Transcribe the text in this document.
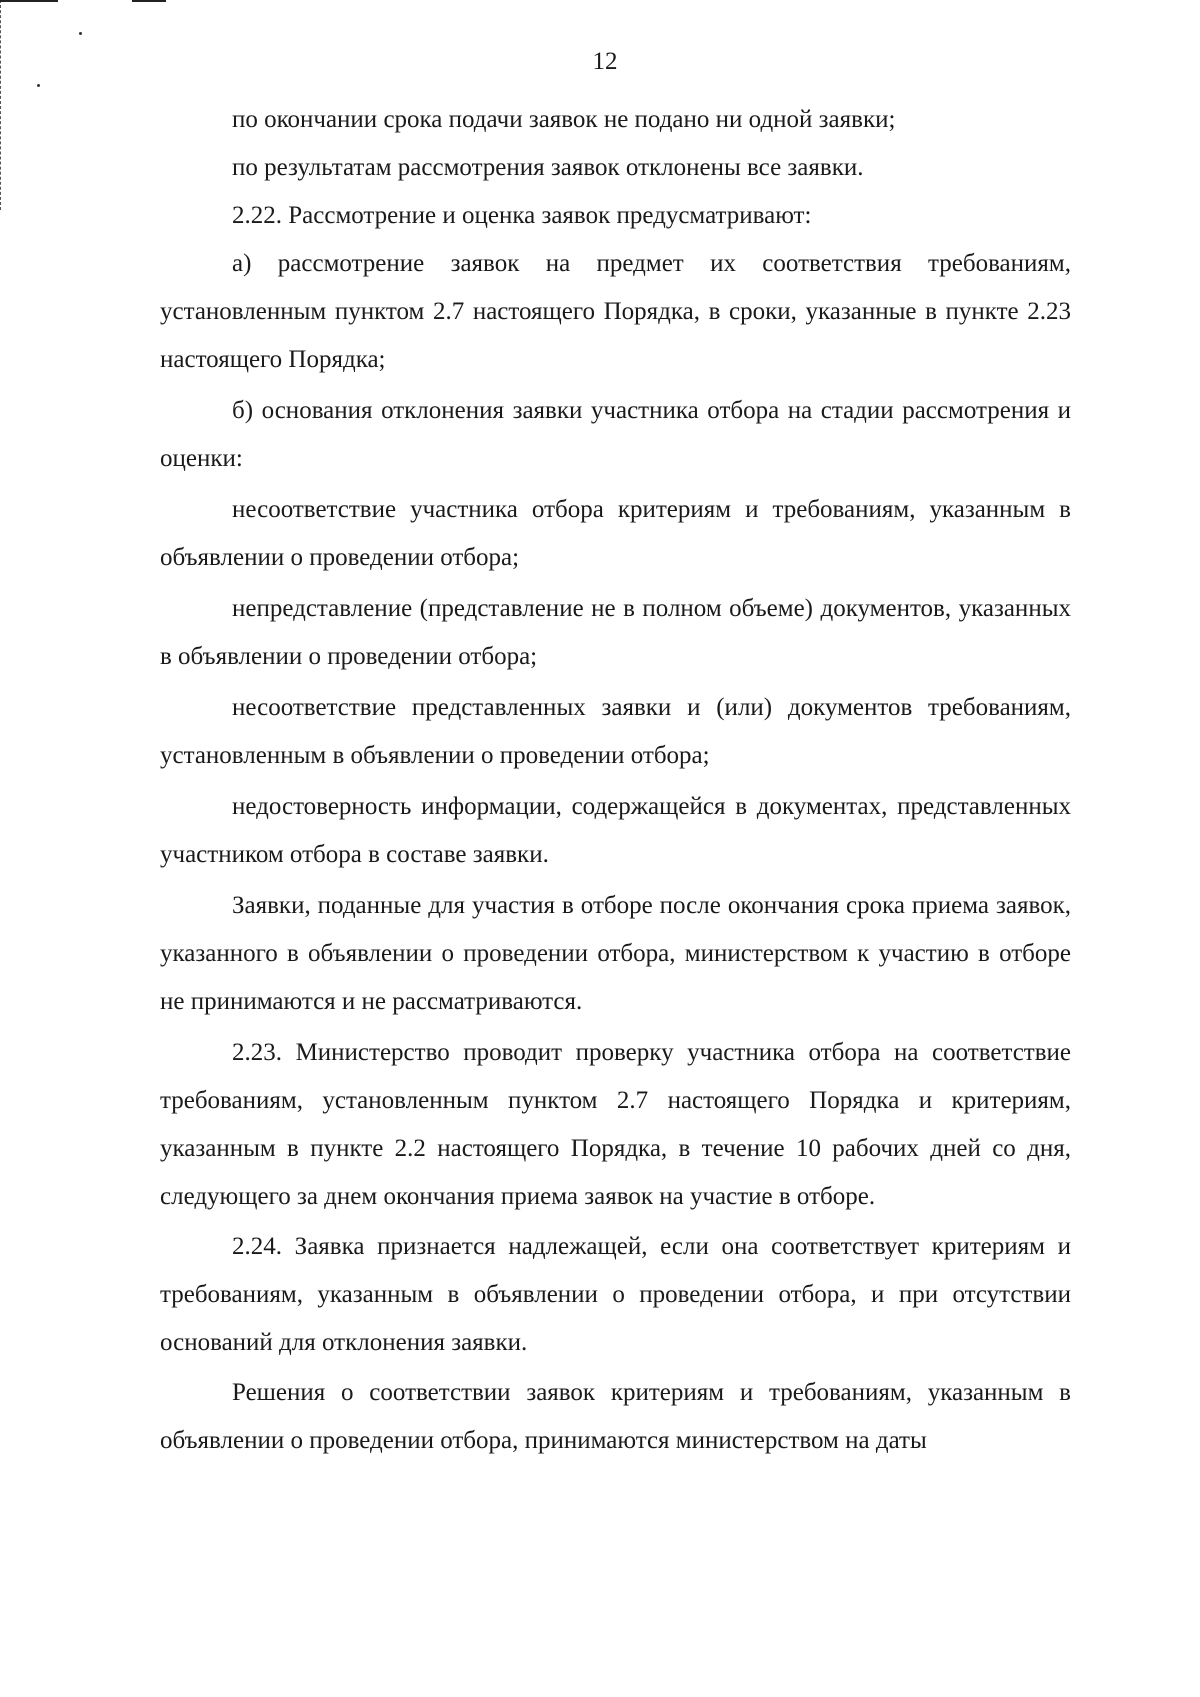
12

по окончании срока подачи заявок не подано ни одной заявки;

по результатам рассмотрения заявок отклонены все заявки.

2.22. Рассмотрение и оценка заявок предусматривают:

а) рассмотрение заявок на предмет их соответствия требованиям, установленным пунктом 2.7 настоящего Порядка, в сроки, указанные в пункте 2.23 настоящего Порядка;

б) основания отклонения заявки участника отбора на стадии рассмотрения и оценки:

несоответствие участника отбора критериям и требованиям, указанным в объявлении о проведении отбора;

непредставление (представление не в полном объеме) документов, указанных в объявлении о проведении отбора;

несоответствие представленных заявки и (или) документов требованиям, установленным в объявлении о проведении отбора;

недостоверность информации, содержащейся в документах, представленных участником отбора в составе заявки.

Заявки, поданные для участия в отборе после окончания срока приема заявок, указанного в объявлении о проведении отбора, министерством к участию в отборе не принимаются и не рассматриваются.

2.23. Министерство проводит проверку участника отбора на соответствие требованиям, установленным пунктом 2.7 настоящего Порядка и критериям, указанным в пункте 2.2 настоящего Порядка, в течение 10 рабочих дней со дня, следующего за днем окончания приема заявок на участие в отборе.

2.24. Заявка признается надлежащей, если она соответствует критериям и требованиям, указанным в объявлении о проведении отбора, и при отсутствии оснований для отклонения заявки.

Решения о соответствии заявок критериям и требованиям, указанным в объявлении о проведении отбора, принимаются министерством на даты
